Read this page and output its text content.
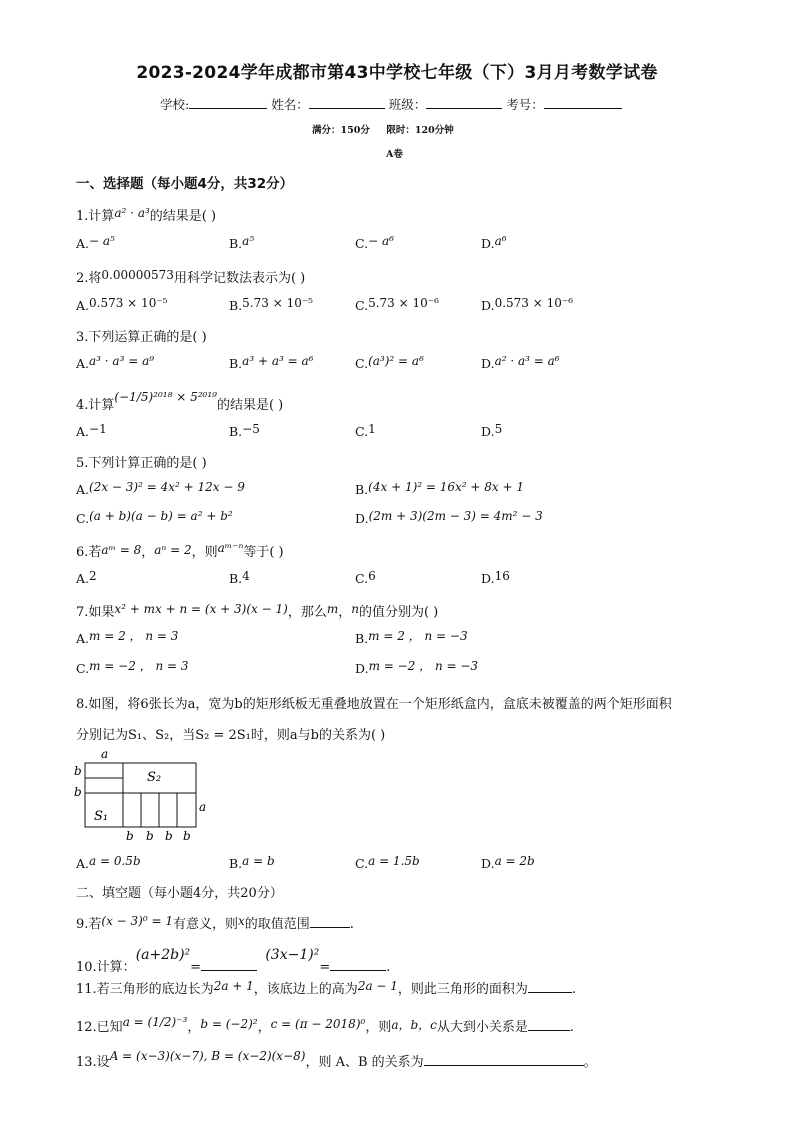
2023-2024学年成都市第43中学校七年级（下）3月月考数学试卷
学校:	姓名：	班级：	考号：
满分：150分 限时：120分钟
A卷
一、选择题（每小题4分，共32分）
1.计算a² · a³的结果是( )
A.− a⁵	B.a⁵	C.− a⁶	D.a⁶
2.将0.00000573用科学记数法表示为( )
A.0.573 × 10⁻⁵	B.5.73 × 10⁻⁵	C.5.73 × 10⁻⁶	D.0.573 × 10⁻⁶
3.下列运算正确的是( )
A.a³ · a³ = a⁹	B.a³ + a³ = a⁶	C.(a³)² = a⁶	D.a² · a³ = a⁶
4.计算(−1/5)²⁰¹⁸ × 5²⁰¹⁹的结果是( )
A.−1	B.−5	C.1	D.5
5.下列计算正确的是( )
A.(2x − 3)² = 4x² + 12x − 9	B.(4x + 1)² = 16x² + 8x + 1
C.(a + b)(a − b) = a² + b²	D.(2m + 3)(2m − 3) = 4m² − 3
6.若aᵐ = 8，aⁿ = 2，则aᵐ⁻ⁿ等于( )
A.2	B.4	C.6	D.16
7.如果x² + mx + n = (x + 3)(x − 1)，那么m，n的值分别为( )
A.m = 2 ， n = 3	B.m = 2 ， n = −3
C.m = −2 ， n = 3	D.m = −2 ， n = −3
8.如图，将6张长为a，宽为b的矩形纸板无重叠地放置在一个矩形纸盒内，盒底未被覆盖的两个矩形面积
分别记为S₁、S₂，当S₂ = 2S₁时，则a与b的关系为( )
a
b
b
a
S₂
S₁
b b b b
A.a = 0.5b	B.a = b	C.a = 1.5b	D.a = 2b
二、填空题（每小题4分，共20分）
9.若(x − 3)⁰ = 1有意义，则x的取值范围	.
10.计算：(a+2b)²=  (3x−1)²=	.
11.若三角形的底边长为2a + 1，该底边上的高为2a − 1，则此三角形的面积为	.
12.已知a = (1/2)⁻³，b = (−2)²，c = (π − 2018)⁰，则a，b，c从大到小关系是	.
13.设A = (x−3)(x−7), B = (x−2)(x−8)，则 A、B 的关系为	。
